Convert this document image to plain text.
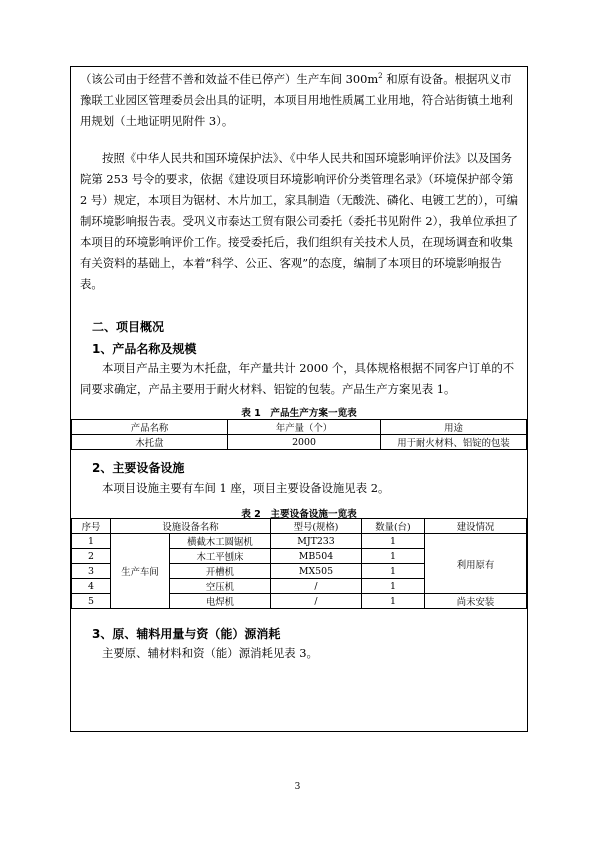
（该公司由于经营不善和效益不佳已停产）生产车间 $300m^2$ 和原有设备。根据巩义市豫联工业园区管理委员会出具的证明，本项目用地性质属工业用地，符合站街镇土地利用规划（土地证明见附件 3）。

按照《中华人民共和国环境保护法》、《中华人民共和国环境影响评价法》以及国务院第 253 号令的要求，依据《建设项目环境影响评价分类管理名录》（环境保护部令第 2 号）规定，本项目为锯材、木片加工，家具制造（无酸洗、磷化、电镀工艺的），可编制环境影响报告表。受巩义市泰达工贸有限公司委托（委托书见附件 2），我单位承担了本项目的环境影响评价工作。接受委托后，我们组织有关技术人员，在现场调查和收集有关资料的基础上，本着“科学、公正、客观”的态度，编制了本项目的环境影响报告表。

二、项目概况
1、产品名称及规模

本项目产品主要为木托盘，年产量共计 2000 个，具体规格根据不同客户订单的不同要求确定，产品主要用于耐火材料、铝锭的包装。产品生产方案见表 1。

表 1　产品生产方案一览表
产品名称	年产量（个）	用途
木托盘	2000	用于耐火材料、铝锭的包装
2、主要设备设施

本项目设施主要有车间 1 座，项目主要设备设施见表 2。

表 2　主要设备设施一览表
序号	设施设备名称		型号(规格)	数量(台)	建设情况
1	生产车间	横截木工圆锯机	MJT233	1	利用原有
2		木工平刨床	MB504	1	
3		开槽机	MX505	1	
4		空压机	/	1	
5		电焊机	/	1	尚未安装
3、原、辅料用量与资（能）源消耗

主要原、辅材料和资（能）源消耗见表 3。

3
